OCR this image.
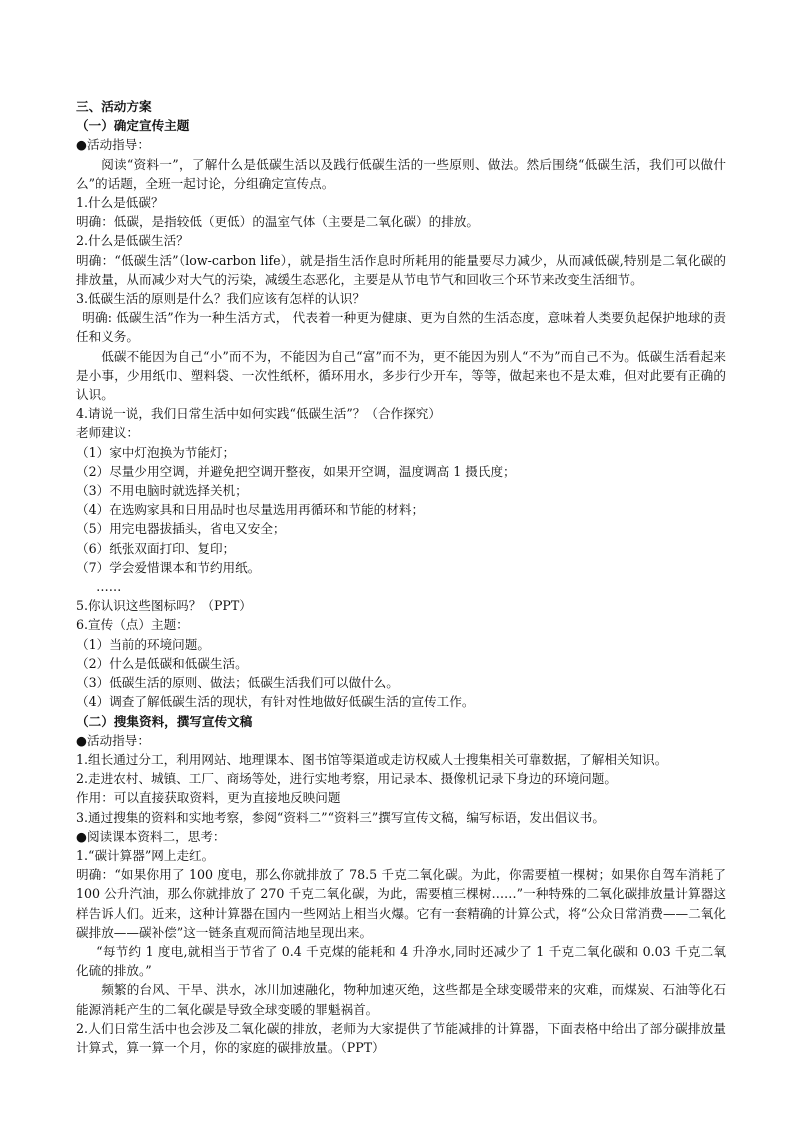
三、活动方案
（一）确定宣传主题
●活动指导：
阅读“资料一”，了解什么是低碳生活以及践行低碳生活的一些原则、做法。然后围绕“低碳生活，我们可以做什么”的话题，全班一起讨论，分组确定宣传点。
1.什么是低碳？
明确：低碳，是指较低（更低）的温室气体（主要是二氧化碳）的排放。
2.什么是低碳生活？
明确：“低碳生活”（low-carbon life），就是指生活作息时所耗用的能量要尽力减少，从而减低碳,特别是二氧化碳的排放量，从而减少对大气的污染，减缓生态恶化，主要是从节电节气和回收三个环节来改变生活细节。
3.低碳生活的原则是什么？我们应该有怎样的认识？
明确: 低碳生活”作为一种生活方式， 代表着一种更为健康、更为自然的生活态度，意味着人类要负起保护地球的责任和义务。
低碳不能因为自己“小”而不为，不能因为自己“富”而不为，更不能因为别人“不为”而自己不为。低碳生活看起来是小事，少用纸巾、塑料袋、一次性纸杯，循环用水，多步行少开车，等等，做起来也不是太难，但对此要有正确的认识。
4.请说一说，我们日常生活中如何实践“低碳生活”？（合作探究）
老师建议：
（1）家中灯泡换为节能灯；
（2）尽量少用空调，并避免把空调开整夜，如果开空调，温度调高 1 摄氏度；
（3）不用电脑时就选择关机；
（4）在选购家具和日用品时也尽量选用再循环和节能的材料；
（5）用完电器拔插头，省电又安全；
（6）纸张双面打印、复印；
（7）学会爱惜课本和节约用纸。
……
5.你认识这些图标吗？（PPT）
6.宣传（点）主题：
（1）当前的环境问题。
（2）什么是低碳和低碳生活。
（3）低碳生活的原则、做法；低碳生活我们可以做什么。
（4）调查了解低碳生活的现状，有针对性地做好低碳生活的宣传工作。
（二）搜集资料，撰写宣传文稿
●活动指导：
1.组长通过分工，利用网站、地理课本、图书馆等渠道或走访权威人士搜集相关可靠数据，了解相关知识。
2.走进农村、城镇、工厂、商场等处，进行实地考察，用记录本、摄像机记录下身边的环境问题。
作用：可以直接获取资料，更为直接地反映问题
3.通过搜集的资料和实地考察，参阅“资料二”“资料三”撰写宣传文稿，编写标语，发出倡议书。
●阅读课本资料二，思考：
1.“碳计算器”网上走红。
明确：“如果你用了 100 度电，那么你就排放了 78.5 千克二氧化碳。为此，你需要植一棵树；如果你自驾车消耗了 100 公升汽油，那么你就排放了 270 千克二氧化碳，为此，需要植三棵树……”一种特殊的二氧化碳排放量计算器这样告诉人们。近来，这种计算器在国内一些网站上相当火爆。它有一套精确的计算公式，将“公众日常消费——二氧化碳排放——碳补偿”这一链条直观而简洁地呈现出来。
“每节约 1 度电,就相当于节省了 0.4 千克煤的能耗和 4 升净水,同时还减少了 1 千克二氧化碳和 0.03 千克二氧化硫的排放。”
频繁的台风、干旱、洪水，冰川加速融化，物种加速灭绝，这些都是全球变暖带来的灾难，而煤炭、石油等化石能源消耗产生的二氧化碳是导致全球变暖的罪魁祸首。
2.人们日常生活中也会涉及二氧化碳的排放，老师为大家提供了节能减排的计算器，下面表格中给出了部分碳排放量计算式，算一算一个月，你的家庭的碳排放量。（PPT）
